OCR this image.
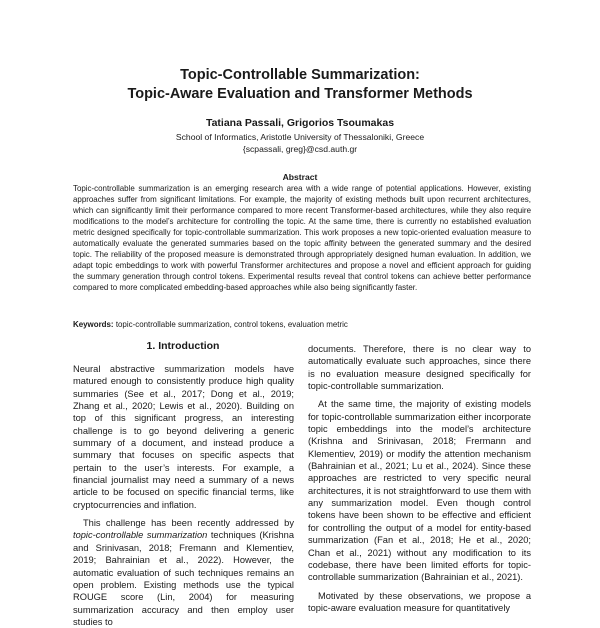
Topic-Controllable Summarization:
Topic-Aware Evaluation and Transformer Methods
Tatiana Passali, Grigorios Tsoumakas
School of Informatics, Aristotle University of Thessaloniki, Greece
{scpassali, greg}@csd.auth.gr
Abstract
Topic-controllable summarization is an emerging research area with a wide range of potential applications. However, existing approaches suffer from significant limitations. For example, the majority of existing methods built upon recurrent architectures, which can significantly limit their performance compared to more recent Transformer-based architectures, while they also require modifications to the model’s architecture for controlling the topic. At the same time, there is currently no established evaluation metric designed specifically for topic-controllable summarization. This work proposes a new topic-oriented evaluation measure to automatically evaluate the generated summaries based on the topic affinity between the generated summary and the desired topic. The reliability of the proposed measure is demonstrated through appropriately designed human evaluation. In addition, we adapt topic embeddings to work with powerful Transformer architectures and propose a novel and efficient approach for guiding the summary generation through control tokens. Experimental results reveal that control tokens can achieve better performance compared to more complicated embedding-based approaches while also being significantly faster.
Keywords: topic-controllable summarization, control tokens, evaluation metric
1. Introduction

Neural abstractive summarization models have matured enough to consistently produce high quality summaries (See et al., 2017; Dong et al., 2019; Zhang et al., 2020; Lewis et al., 2020). Building on top of this significant progress, an interesting challenge is to go beyond delivering a generic summary of a document, and instead produce a summary that focuses on specific aspects that pertain to the user’s interests. For example, a financial journalist may need a summary of a news article to be focused on specific financial terms, like cryptocurrencies and inflation.

This challenge has been recently addressed by topic-controllable summarization techniques (Krishna and Srinivasan, 2018; Fremann and Klementiev, 2019; Bahrainian et al., 2022). However, the automatic evaluation of such techniques remains an open problem. Existing methods use the typical ROUGE score (Lin, 2004) for measuring summarization accuracy and then employ user studies to

documents. Therefore, there is no clear way to automatically evaluate such approaches, since there is no evaluation measure designed specifically for topic-controllable summarization.

At the same time, the majority of existing models for topic-controllable summarization either incorporate topic embeddings into the model’s architecture (Krishna and Srinivasan, 2018; Frermann and Klementiev, 2019) or modify the attention mechanism (Bahrainian et al., 2021; Lu et al., 2024). Since these approaches are restricted to very specific neural architectures, it is not straightforward to use them with any summarization model. Even though control tokens have been shown to be effective and efficient for controlling the output of a model for entity-based summarization (Fan et al., 2018; He et al., 2020; Chan et al., 2021) without any modification to its codebase, there have been limited efforts for topic-controllable summarization (Bahrainian et al., 2021).

Motivated by these observations, we propose a topic-aware evaluation measure for quantitatively
